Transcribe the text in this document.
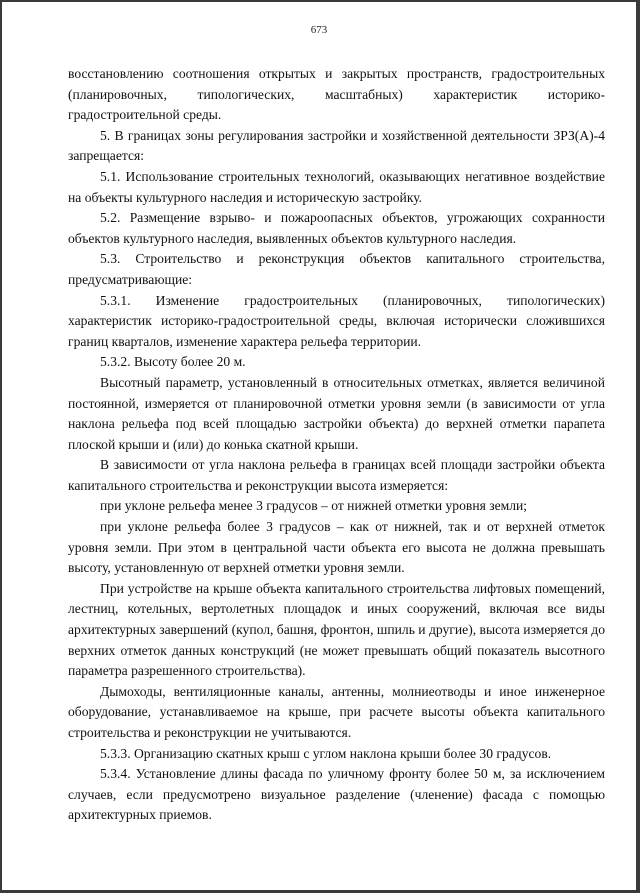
673

восстановлению соотношения открытых и закрытых пространств, градостроительных (планировочных, типологических, масштабных) характеристик историко-градостроительной среды.

5. В границах зоны регулирования застройки и хозяйственной деятельности ЗРЗ(А)-4 запрещается:

5.1. Использование строительных технологий, оказывающих негативное воздействие на объекты культурного наследия и историческую застройку.

5.2. Размещение взрыво- и пожароопасных объектов, угрожающих сохранности объектов культурного наследия, выявленных объектов культурного наследия.

5.3. Строительство и реконструкция объектов капитального строительства, предусматривающие:

5.3.1. Изменение градостроительных (планировочных, типологических) характеристик историко-градостроительной среды, включая исторически сложившихся границ кварталов, изменение характера рельефа территории.

5.3.2. Высоту более 20 м.

Высотный параметр, установленный в относительных отметках, является величиной постоянной, измеряется от планировочной отметки уровня земли (в зависимости от угла наклона рельефа под всей площадью застройки объекта) до верхней отметки парапета плоской крыши и (или) до конька скатной крыши.

В зависимости от угла наклона рельефа в границах всей площади застройки объекта капитального строительства и реконструкции высота измеряется:

при уклоне рельефа менее 3 градусов – от нижней отметки уровня земли;

при уклоне рельефа более 3 градусов – как от нижней, так и от верхней отметок уровня земли. При этом в центральной части объекта его высота не должна превышать высоту, установленную от верхней отметки уровня земли.

При устройстве на крыше объекта капитального строительства лифтовых помещений, лестниц, котельных, вертолетных площадок и иных сооружений, включая все виды архитектурных завершений (купол, башня, фронтон, шпиль и другие), высота измеряется до верхних отметок данных конструкций (не может превышать общий показатель высотного параметра разрешенного строительства).

Дымоходы, вентиляционные каналы, антенны, молниеотводы и иное инженерное оборудование, устанавливаемое на крыше, при расчете высоты объекта капитального строительства и реконструкции не учитываются.

5.3.3. Организацию скатных крыш с углом наклона крыши более 30 градусов.

5.3.4. Установление длины фасада по уличному фронту более 50 м, за исключением случаев, если предусмотрено визуальное разделение (членение) фасада с помощью архитектурных приемов.
